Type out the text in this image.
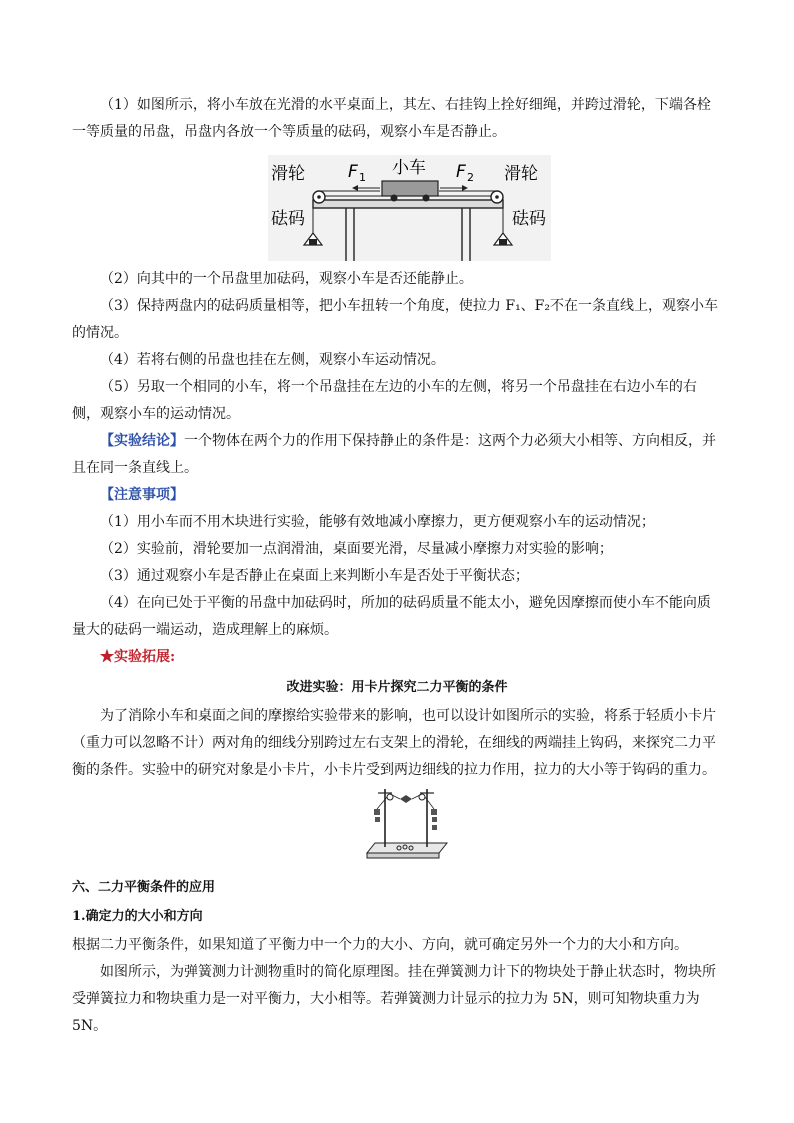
（1）如图所示，将小车放在光滑的水平桌面上，其左、右挂钩上拴好细绳，并跨过滑轮，下端各栓一等质量的吊盘，吊盘内各放一个等质量的砝码，观察小车是否静止。

滑轮	滑轮
砝码	砝码
小车
F 1	F 2

（2）向其中的一个吊盘里加砝码，观察小车是否还能静止。

（3）保持两盘内的砝码质量相等，把小车扭转一个角度，使拉力 F₁、F₂不在一条直线上，观察小车的情况。

（4）若将右侧的吊盘也挂在左侧，观察小车运动情况。

（5）另取一个相同的小车，将一个吊盘挂在左边的小车的左侧，将另一个吊盘挂在右边小车的右侧，观察小车的运动情况。

【实验结论】一个物体在两个力的作用下保持静止的条件是：这两个力必须大小相等、方向相反，并且在同一条直线上。

【注意事项】

（1）用小车而不用木块进行实验，能够有效地减小摩擦力，更方便观察小车的运动情况；

（2）实验前，滑轮要加一点润滑油，桌面要光滑，尽量减小摩擦力对实验的影响；

（3）通过观察小车是否静止在桌面上来判断小车是否处于平衡状态；

（4）在向已处于平衡的吊盘中加砝码时，所加的砝码质量不能太小，避免因摩擦而使小车不能向质量大的砝码一端运动，造成理解上的麻烦。

★实验拓展:

改进实验：用卡片探究二力平衡的条件

为了消除小车和桌面之间的摩擦给实验带来的影响，也可以设计如图所示的实验，将系于轻质小卡片（重力可以忽略不计）两对角的细线分别跨过左右支架上的滑轮，在细线的两端挂上钩码，来探究二力平衡的条件。实验中的研究对象是小卡片，小卡片受到两边细线的拉力作用，拉力的大小等于钩码的重力。

六、二力平衡条件的应用

1.确定力的大小和方向

根据二力平衡条件，如果知道了平衡力中一个力的大小、方向，就可确定另外一个力的大小和方向。

如图所示，为弹簧测力计测物重时的简化原理图。挂在弹簧测力计下的物块处于静止状态时，物块所受弹簧拉力和物块重力是一对平衡力，大小相等。若弹簧测力计显示的拉力为 5N，则可知物块重力为 5N。
